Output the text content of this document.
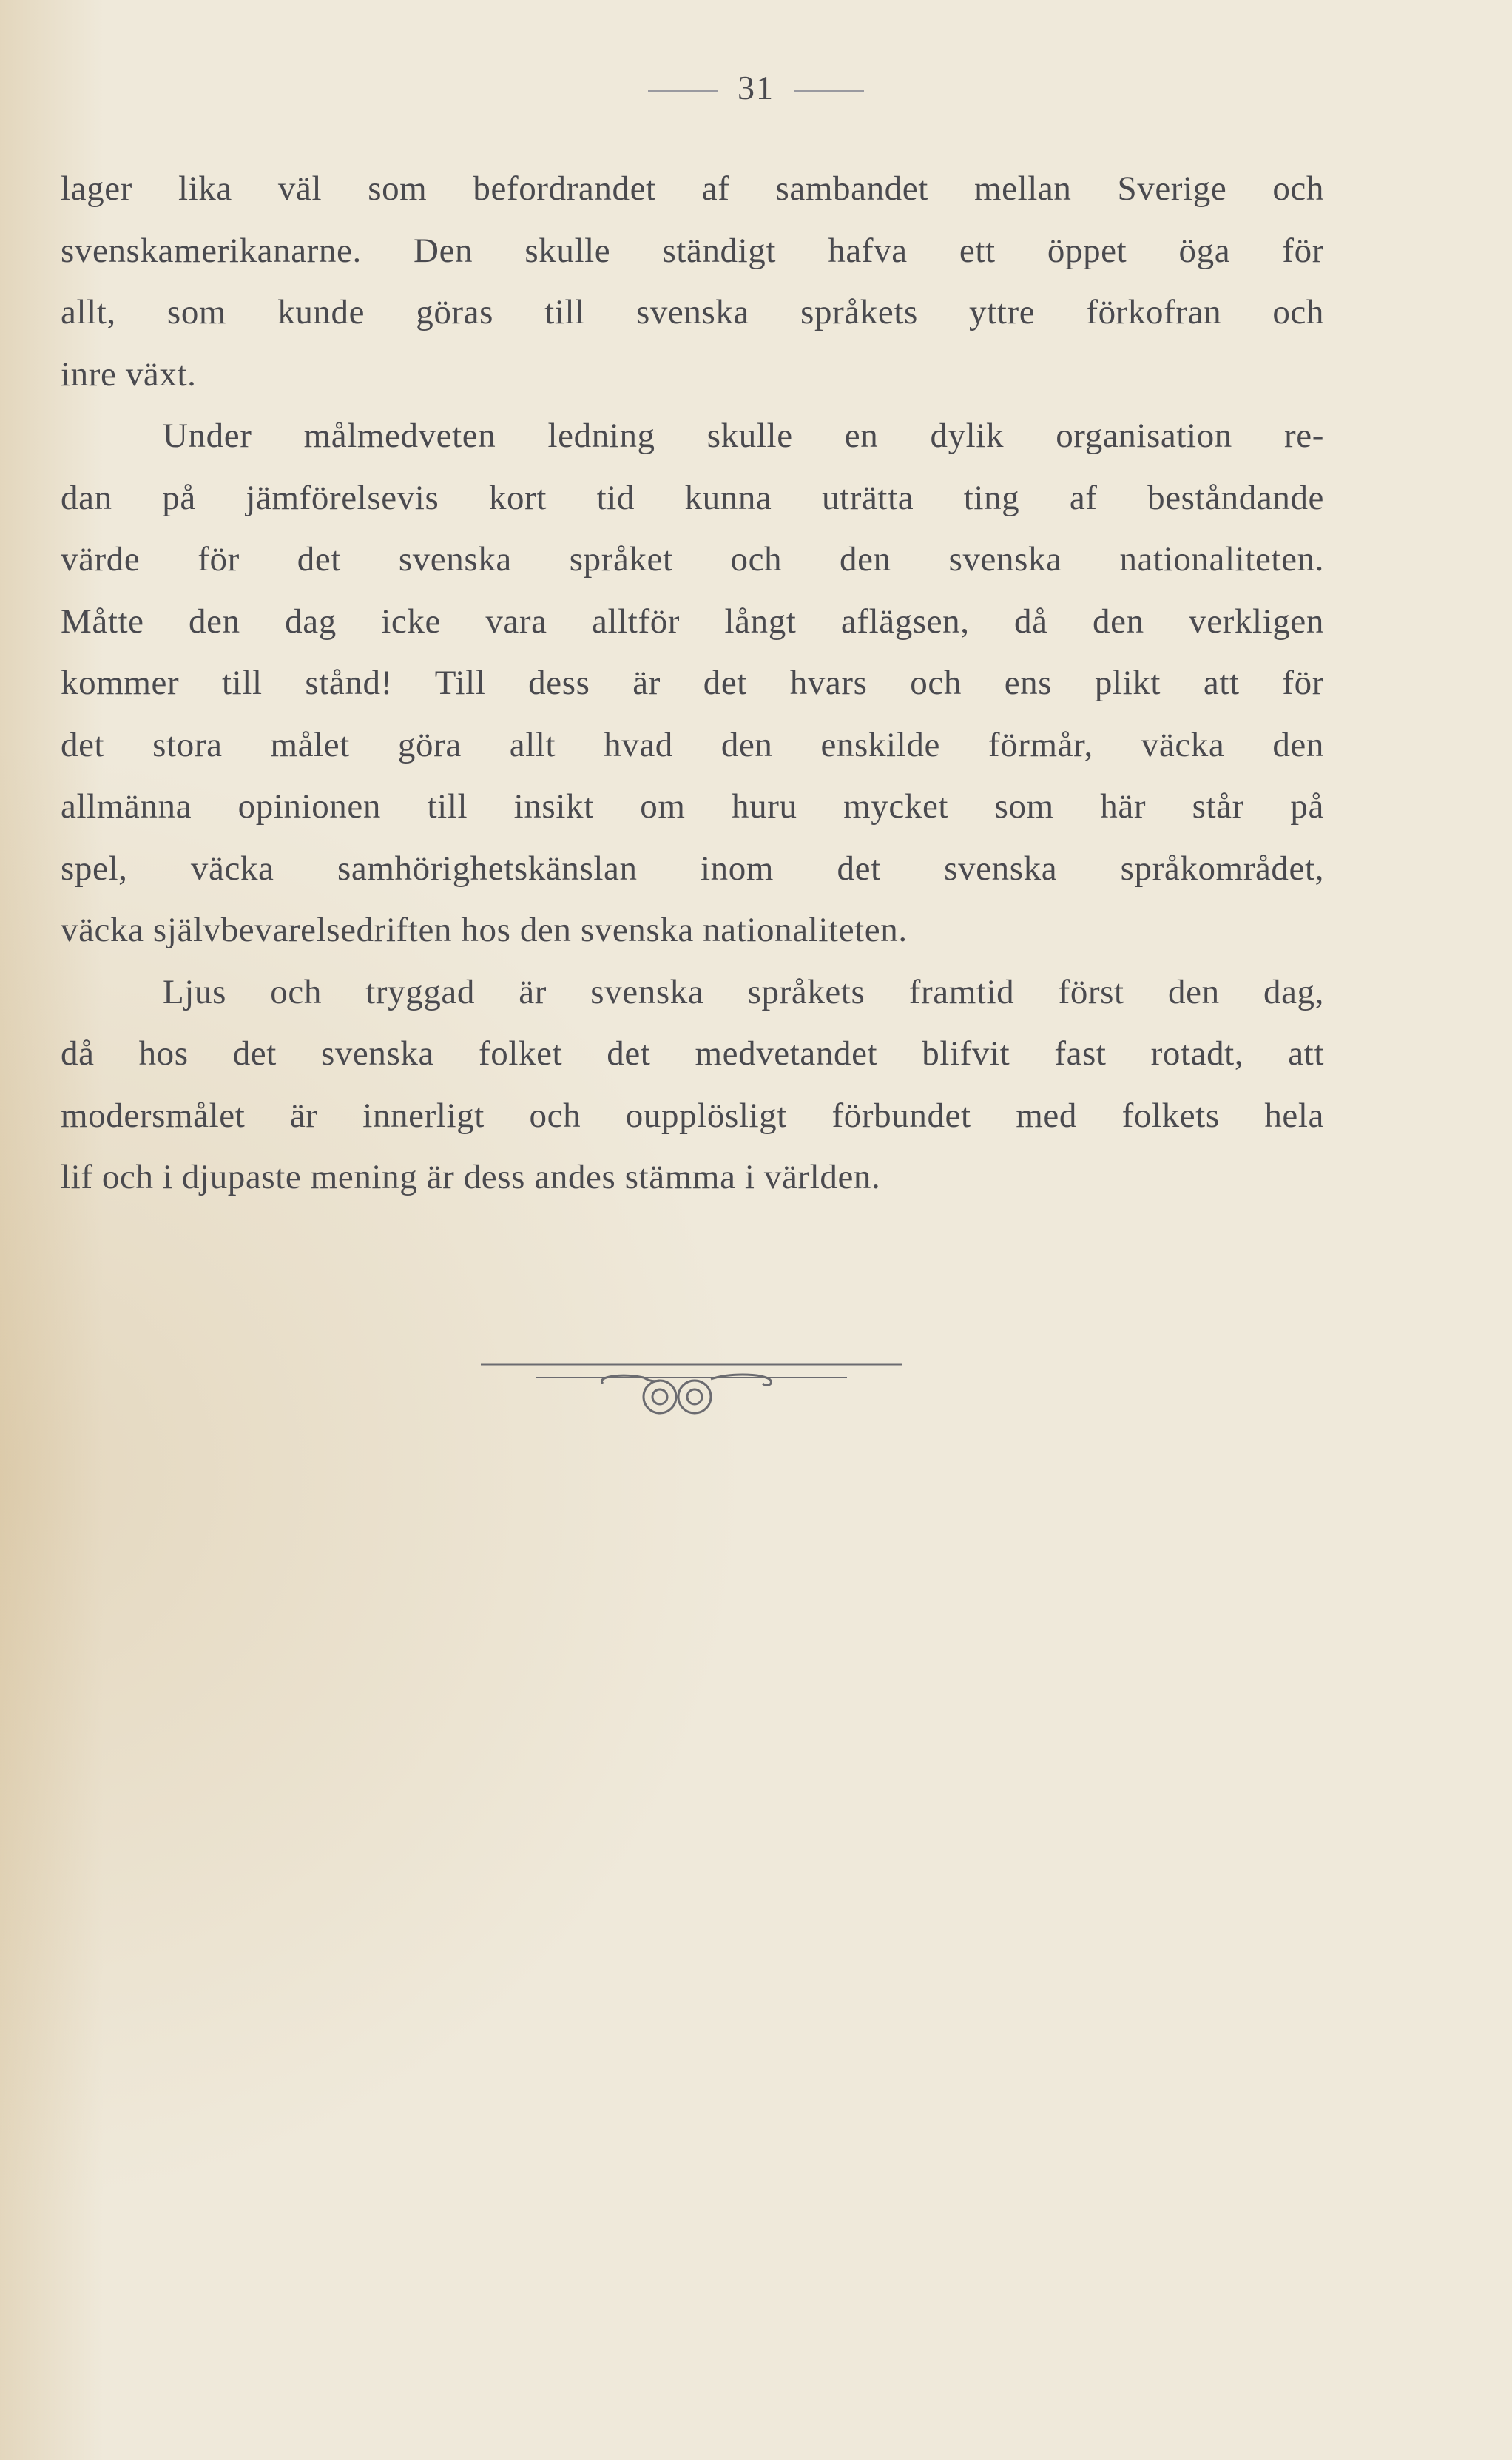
31
lager lika väl som befordrandet af sambandet mellan Sverige och
svenskamerikanarne. Den skulle ständigt hafva ett öppet öga för
allt, som kunde göras till svenska språkets yttre förkofran och
inre växt.
Under målmedveten ledning skulle en dylik organisation re-
dan på jämförelsevis kort tid kunna uträtta ting af beståndande
värde för det svenska språket och den svenska nationaliteten.
Måtte den dag icke vara alltför långt aflägsen, då den verkligen
kommer till stånd! Till dess är det hvars och ens plikt att för
det stora målet göra allt hvad den enskilde förmår, väcka den
allmänna opinionen till insikt om huru mycket som här står på
spel, väcka samhörighetskänslan inom det svenska språkområdet,
väcka självbevarelsedriften hos den svenska nationaliteten.
Ljus och tryggad är svenska språkets framtid först den dag,
då hos det svenska folket det medvetandet blifvit fast rotadt, att
modersmålet är innerligt och oupplösligt förbundet med folkets hela
lif och i djupaste mening är dess andes stämma i världen.
